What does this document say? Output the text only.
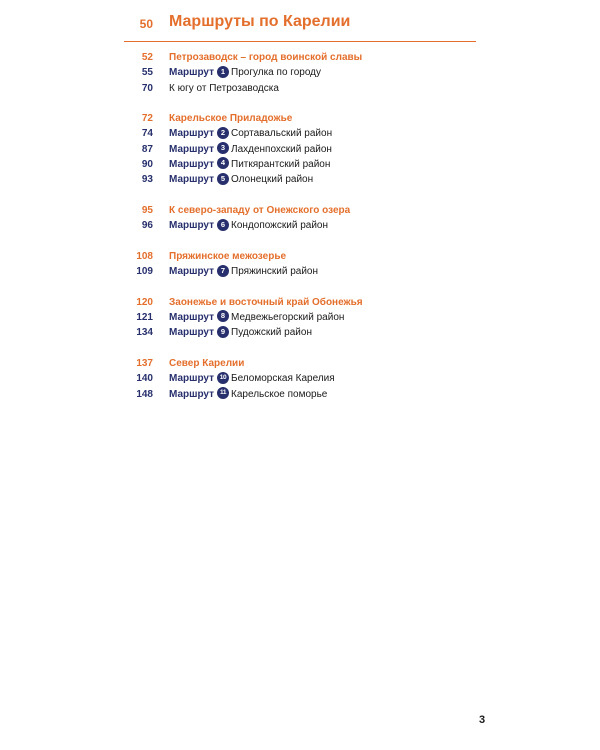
50 Маршруты по Карелии
52 Петрозаводск – город воинской славы
55 Маршрут 1 Прогулка по городу
70 К югу от Петрозаводска
72 Карельское Приладожье
74 Маршрут 2 Сортавальский район
87 Маршрут 3 Лахденпохский район
90 Маршрут 4 Питкярантский район
93 Маршрут 5 Олонецкий район
95 К северо-западу от Онежского озера
96 Маршрут 6 Кондопожский район
108 Пряжинское межозерье
109 Маршрут 7 Пряжинский район
120 Заонежье и восточный край Обонежья
121 Маршрут 8 Медвежьегорский район
134 Маршрут 9 Пудожский район
137 Север Карелии
140 Маршрут 10 Беломорская Карелия
148 Маршрут 11 Карельское поморье
3
